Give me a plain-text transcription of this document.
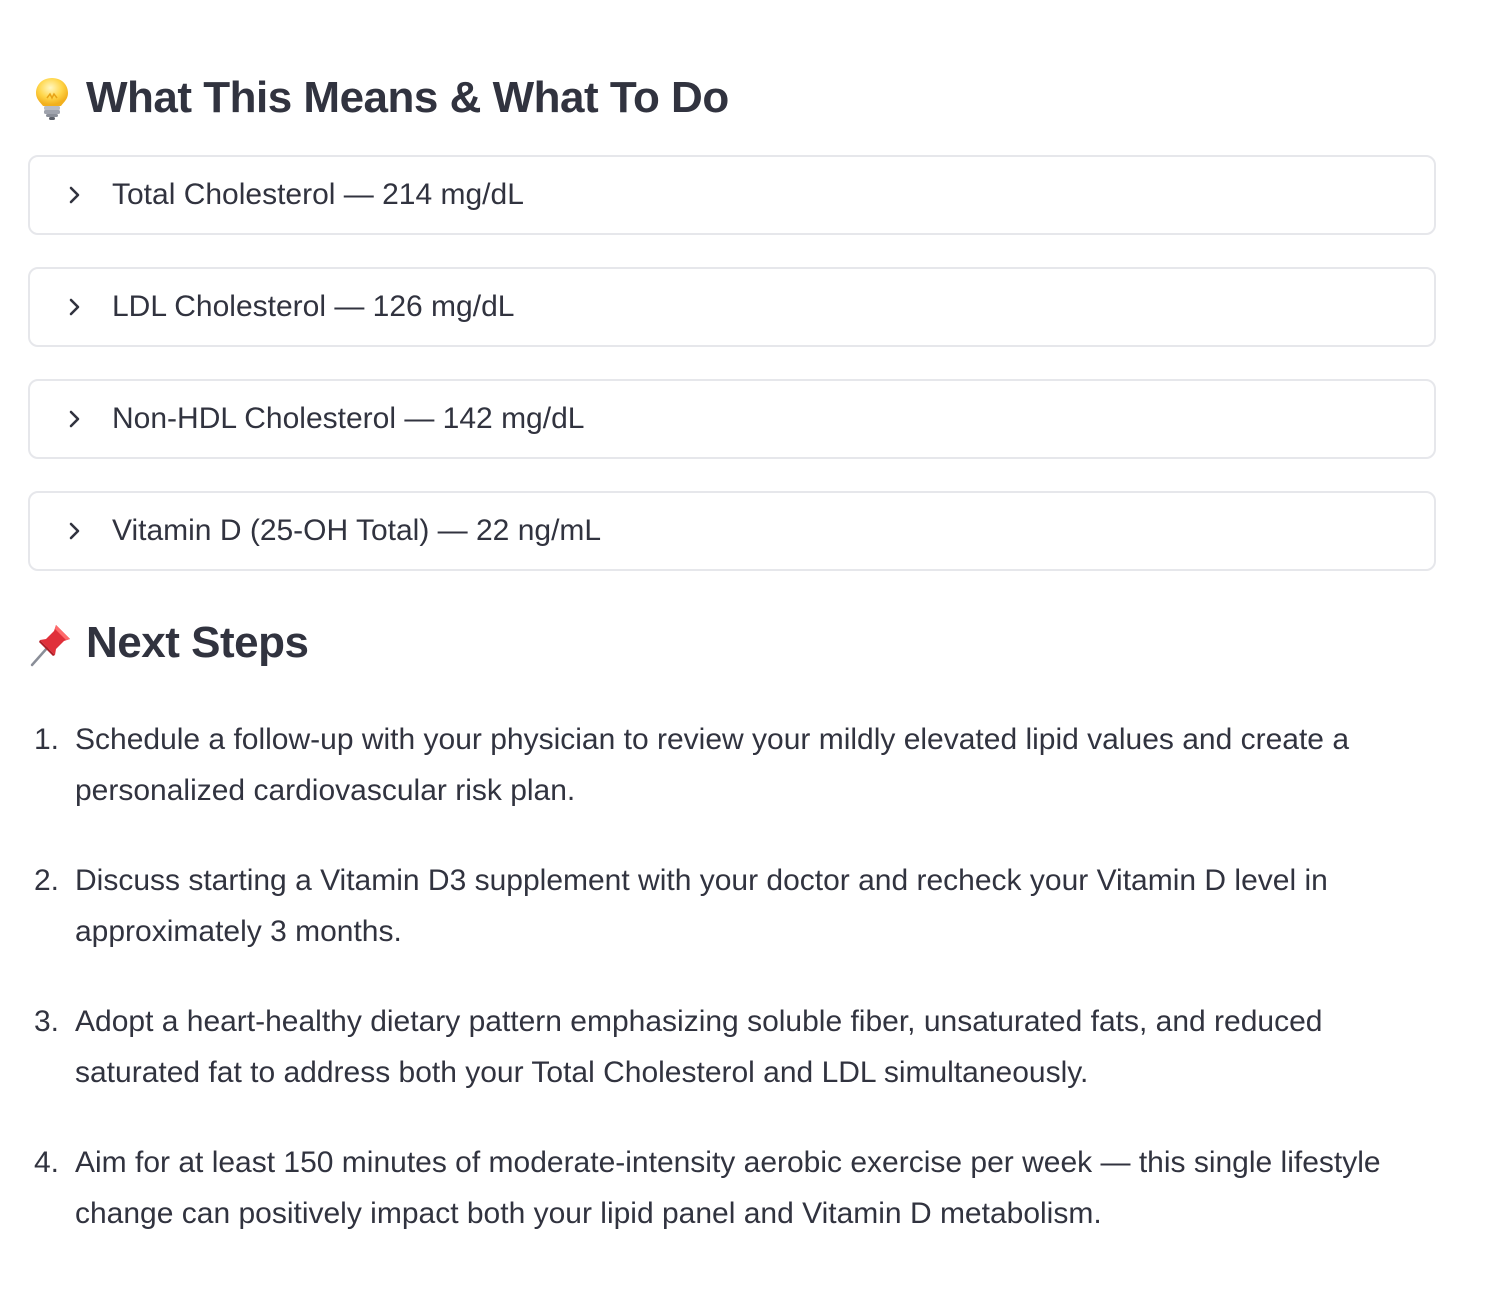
What This Means & What To Do
Total Cholesterol — 214 mg/dL
LDL Cholesterol — 126 mg/dL
Non-HDL Cholesterol — 142 mg/dL
Vitamin D (25-OH Total) — 22 ng/mL
Next Steps
1. Schedule a follow-up with your physician to review your mildly elevated lipid values and create a personalized cardiovascular risk plan.
2. Discuss starting a Vitamin D3 supplement with your doctor and recheck your Vitamin D level in approximately 3 months.
3. Adopt a heart-healthy dietary pattern emphasizing soluble fiber, unsaturated fats, and reduced saturated fat to address both your Total Cholesterol and LDL simultaneously.
4. Aim for at least 150 minutes of moderate-intensity aerobic exercise per week — this single lifestyle change can positively impact both your lipid panel and Vitamin D metabolism.
